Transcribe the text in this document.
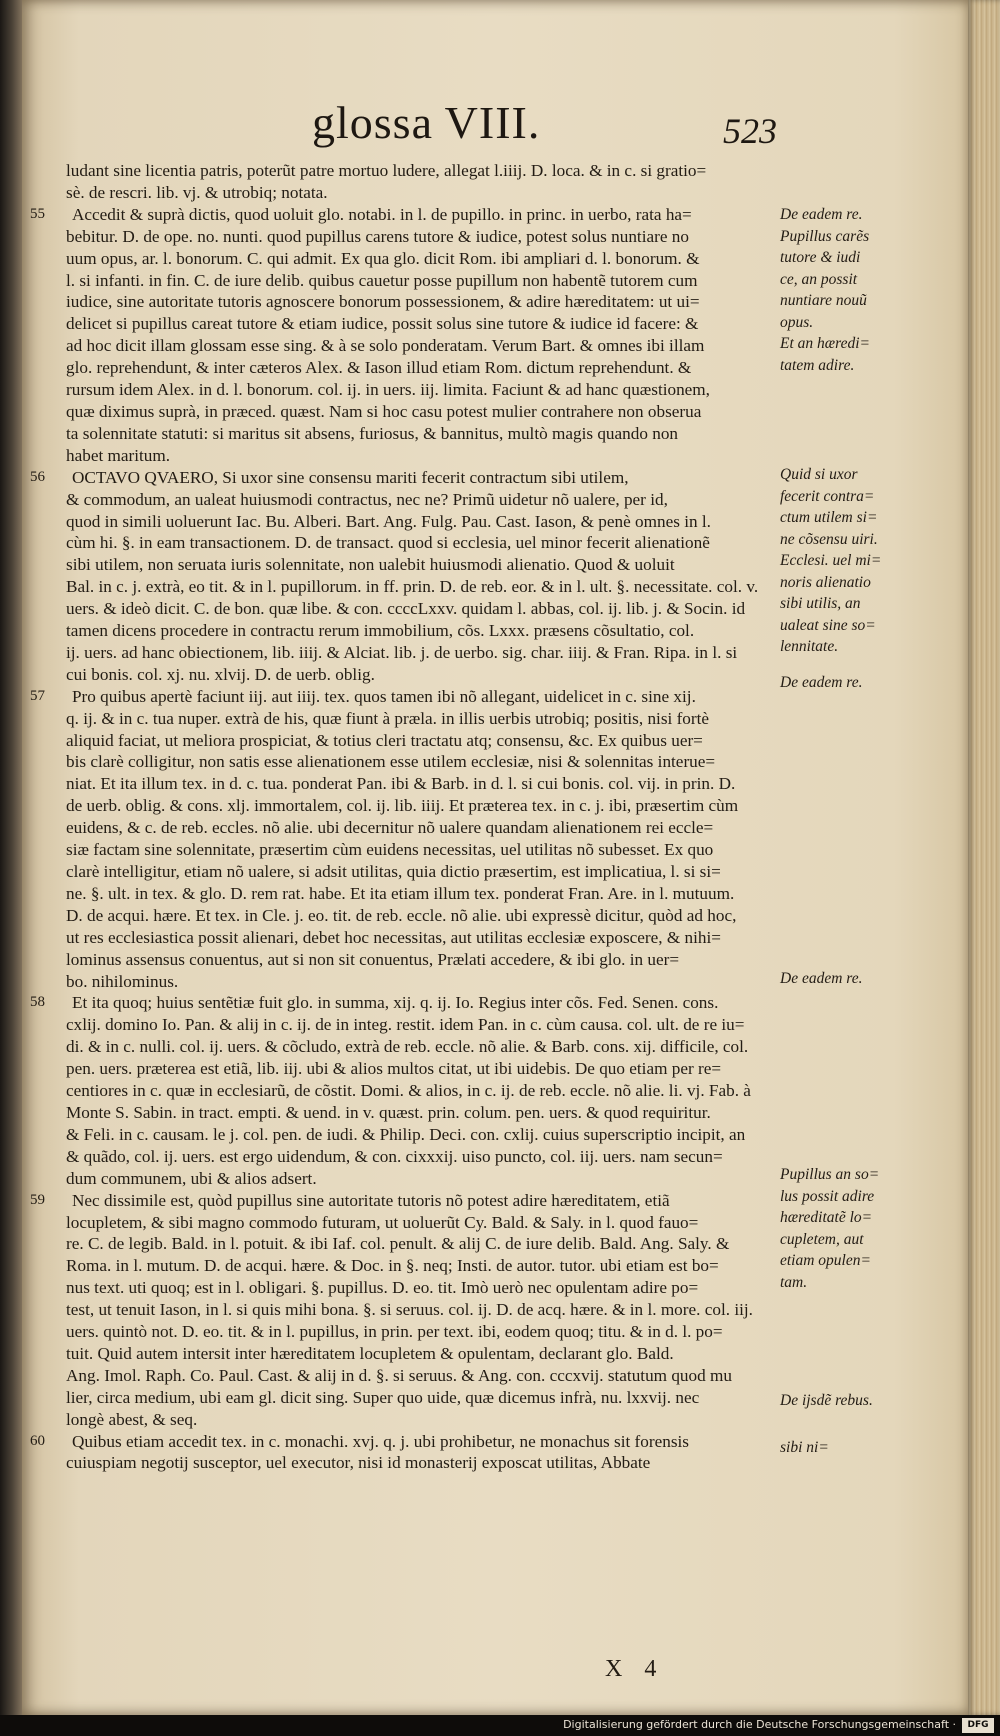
glossa VIII.	523
ludant sine licentia patris, poterũt patre mortuo ludere, allegat l.iiij. D. loca. & in c. si gratio=
sè. de rescri. lib. vj. & utrobiq; notata.
55	Accedit & suprà dictis, quod uoluit glo. notabi. in l. de pupillo. in princ. in uerbo, rata ha=
bebitur. D. de ope. no. nunti. quod pupillus carens tutore & iudice, potest solus nuntiare no
uum opus, ar. l. bonorum. C. qui admit. Ex qua glo. dicit Rom. ibi ampliari d. l. bonorum. &
l. si infanti. in fin. C. de iure delib. quibus cauetur posse pupillum non habentẽ tutorem cum
iudice, sine autoritate tutoris agnoscere bonorum possessionem, & adire hæreditatem: ut ui=
delicet si pupillus careat tutore & etiam iudice, possit solus sine tutore & iudice id facere: &
ad hoc dicit illam glossam esse sing. & à se solo ponderatam. Verum Bart. & omnes ibi illam
glo. reprehendunt, & inter cæteros Alex. & Iason illud etiam Rom. dictum reprehendunt. &
rursum idem Alex. in d. l. bonorum. col. ij. in uers. iij. limita. Faciunt & ad hanc quæstionem,
quæ diximus suprà, in præced. quæst. Nam si hoc casu potest mulier contrahere non obserua
ta solennitate statuti: si maritus sit absens, furiosus, & bannitus, multò magis quando non
habet maritum.
56	OCTAVO QVAERO, Si uxor sine consensu mariti fecerit contractum sibi utilem,
& commodum, an ualeat huiusmodi contractus, nec ne? Primũ uidetur nõ ualere, per id,
quod in simili uoluerunt Iac. Bu. Alberi. Bart. Ang. Fulg. Pau. Cast. Iason, & penè omnes in l.
cùm hi. §. in eam transactionem. D. de transact. quod si ecclesia, uel minor fecerit alienationẽ
sibi utilem, non seruata iuris solennitate, non ualebit huiusmodi alienatio. Quod & uoluit
Bal. in c. j. extrà, eo tit. & in l. pupillorum. in ff. prin. D. de reb. eor. & in l. ult. §. necessitate. col. v.
uers. & ideò dicit. C. de bon. quæ libe. & con. ccccLxxv. quidam l. abbas, col. ij. lib. j. & Socin. id
tamen dicens procedere in contractu rerum immobilium, cõs. Lxxx. præsens cõsultatio, col.
ij. uers. ad hanc obiectionem, lib. iiij. & Alciat. lib. j. de uerbo. sig. char. iiij. & Fran. Ripa. in l. si
cui bonis. col. xj. nu. xlvij. D. de uerb. oblig.
57	Pro quibus apertè faciunt iij. aut iiij. tex. quos tamen ibi nõ allegant, uidelicet in c. sine xij.
q. ij. & in c. tua nuper. extrà de his, quæ fiunt à præla. in illis uerbis utrobiq; positis, nisi fortè
aliquid faciat, ut meliora prospiciat, & totius cleri tractatu atq; consensu, &c. Ex quibus uer=
bis clarè colligitur, non satis esse alienationem esse utilem ecclesiæ, nisi & solennitas interue=
niat. Et ita illum tex. in d. c. tua. ponderat Pan. ibi & Barb. in d. l. si cui bonis. col. vij. in prin. D.
de uerb. oblig. & cons. xlj. immortalem, col. ij. lib. iiij. Et præterea tex. in c. j. ibi, præsertim cùm
euidens, & c. de reb. eccles. nõ alie. ubi decernitur nõ ualere quandam alienationem rei eccle=
siæ factam sine solennitate, præsertim cùm euidens necessitas, uel utilitas nõ subesset. Ex quo
clarè intelligitur, etiam nõ ualere, si adsit utilitas, quia dictio præsertim, est implicatiua, l. si si=
ne. §. ult. in tex. & glo. D. rem rat. habe. Et ita etiam illum tex. ponderat Fran. Are. in l. mutuum.
D. de acqui. hære. Et tex. in Cle. j. eo. tit. de reb. eccle. nõ alie. ubi expressè dicitur, quòd ad hoc,
ut res ecclesiastica possit alienari, debet hoc necessitas, aut utilitas ecclesiæ exposcere, & nihi=
lominus assensus conuentus, aut si non sit conuentus, Prælati accedere, & ibi glo. in uer=
bo. nihilominus.
58	Et ita quoq; huius sentẽtiæ fuit glo. in summa, xij. q. ij. Io. Regius inter cõs. Fed. Senen. cons.
cxlij. domino Io. Pan. & alij in c. ij. de in integ. restit. idem Pan. in c. cùm causa. col. ult. de re iu=
di. & in c. nulli. col. ij. uers. & cõcludo, extrà de reb. eccle. nõ alie. & Barb. cons. xij. difficile, col.
pen. uers. præterea est etiã, lib. iij. ubi & alios multos citat, ut ibi uidebis. De quo etiam per re=
centiores in c. quæ in ecclesiarũ, de cõstit. Domi. & alios, in c. ij. de reb. eccle. nõ alie. li. vj. Fab. à
Monte S. Sabin. in tract. empti. & uend. in v. quæst. prin. colum. pen. uers. & quod requiritur.
& Feli. in c. causam. le j. col. pen. de iudi. & Philip. Deci. con. cxlij. cuius superscriptio incipit, an
& quãdo, col. ij. uers. est ergo uidendum, & con. cixxxij. uiso puncto, col. iij. uers. nam secun=
dum communem, ubi & alios adsert.
59	Nec dissimile est, quòd pupillus sine autoritate tutoris nõ potest adire hæreditatem, etiã
locupletem, & sibi magno commodo futuram, ut uoluerũt Cy. Bald. & Saly. in l. quod fauo=
re. C. de legib. Bald. in l. potuit. & ibi Iaf. col. penult. & alij C. de iure delib. Bald. Ang. Saly. &
Roma. in l. mutum. D. de acqui. hære. & Doc. in §. neq; Insti. de autor. tutor. ubi etiam est bo=
nus text. uti quoq; est in l. obligari. §. pupillus. D. eo. tit. Imò uerò nec opulentam adire po=
test, ut tenuit Iason, in l. si quis mihi bona. §. si seruus. col. ij. D. de acq. hære. & in l. more. col. iij.
uers. quintò not. D. eo. tit. & in l. pupillus, in prin. per text. ibi, eodem quoq; titu. & in d. l. po=
tuit. Quid autem intersit inter hæreditatem locupletem & opulentam, declarant glo. Bald.
Ang. Imol. Raph. Co. Paul. Cast. & alij in d. §. si seruus. & Ang. con. cccxvij. statutum quod mu
lier, circa medium, ubi eam gl. dicit sing. Super quo uide, quæ dicemus infrà, nu. lxxvij. nec
longè abest, & seq.
60	Quibus etiam accedit tex. in c. monachi. xvj. q. j. ubi prohibetur, ne monachus sit forensis
cuiuspiam negotij susceptor, uel executor, nisi id monasterij exposcat utilitas, Abbate
De eadem re.
Pupillus carẽs
tutore & iudi
ce, an possit
nuntiare nouũ
opus.
Et an hæredi=
tatem adire.
Quid si uxor
fecerit contra=
ctum utilem si=
ne cõsensu uiri.
Ecclesi. uel mi=
noris alienatio
sibi utilis, an
ualeat sine so=
lennitate.
De eadem re.
De eadem re.
Pupillus an so=
lus possit adire
hæreditatẽ lo=
cupletem, aut
etiam opulen=
tam.
De ijsdẽ rebus.
X 4
sibi ni=
Digitalisierung gefördert durch die Deutsche Forschungsgemeinschaft ·	DFG
